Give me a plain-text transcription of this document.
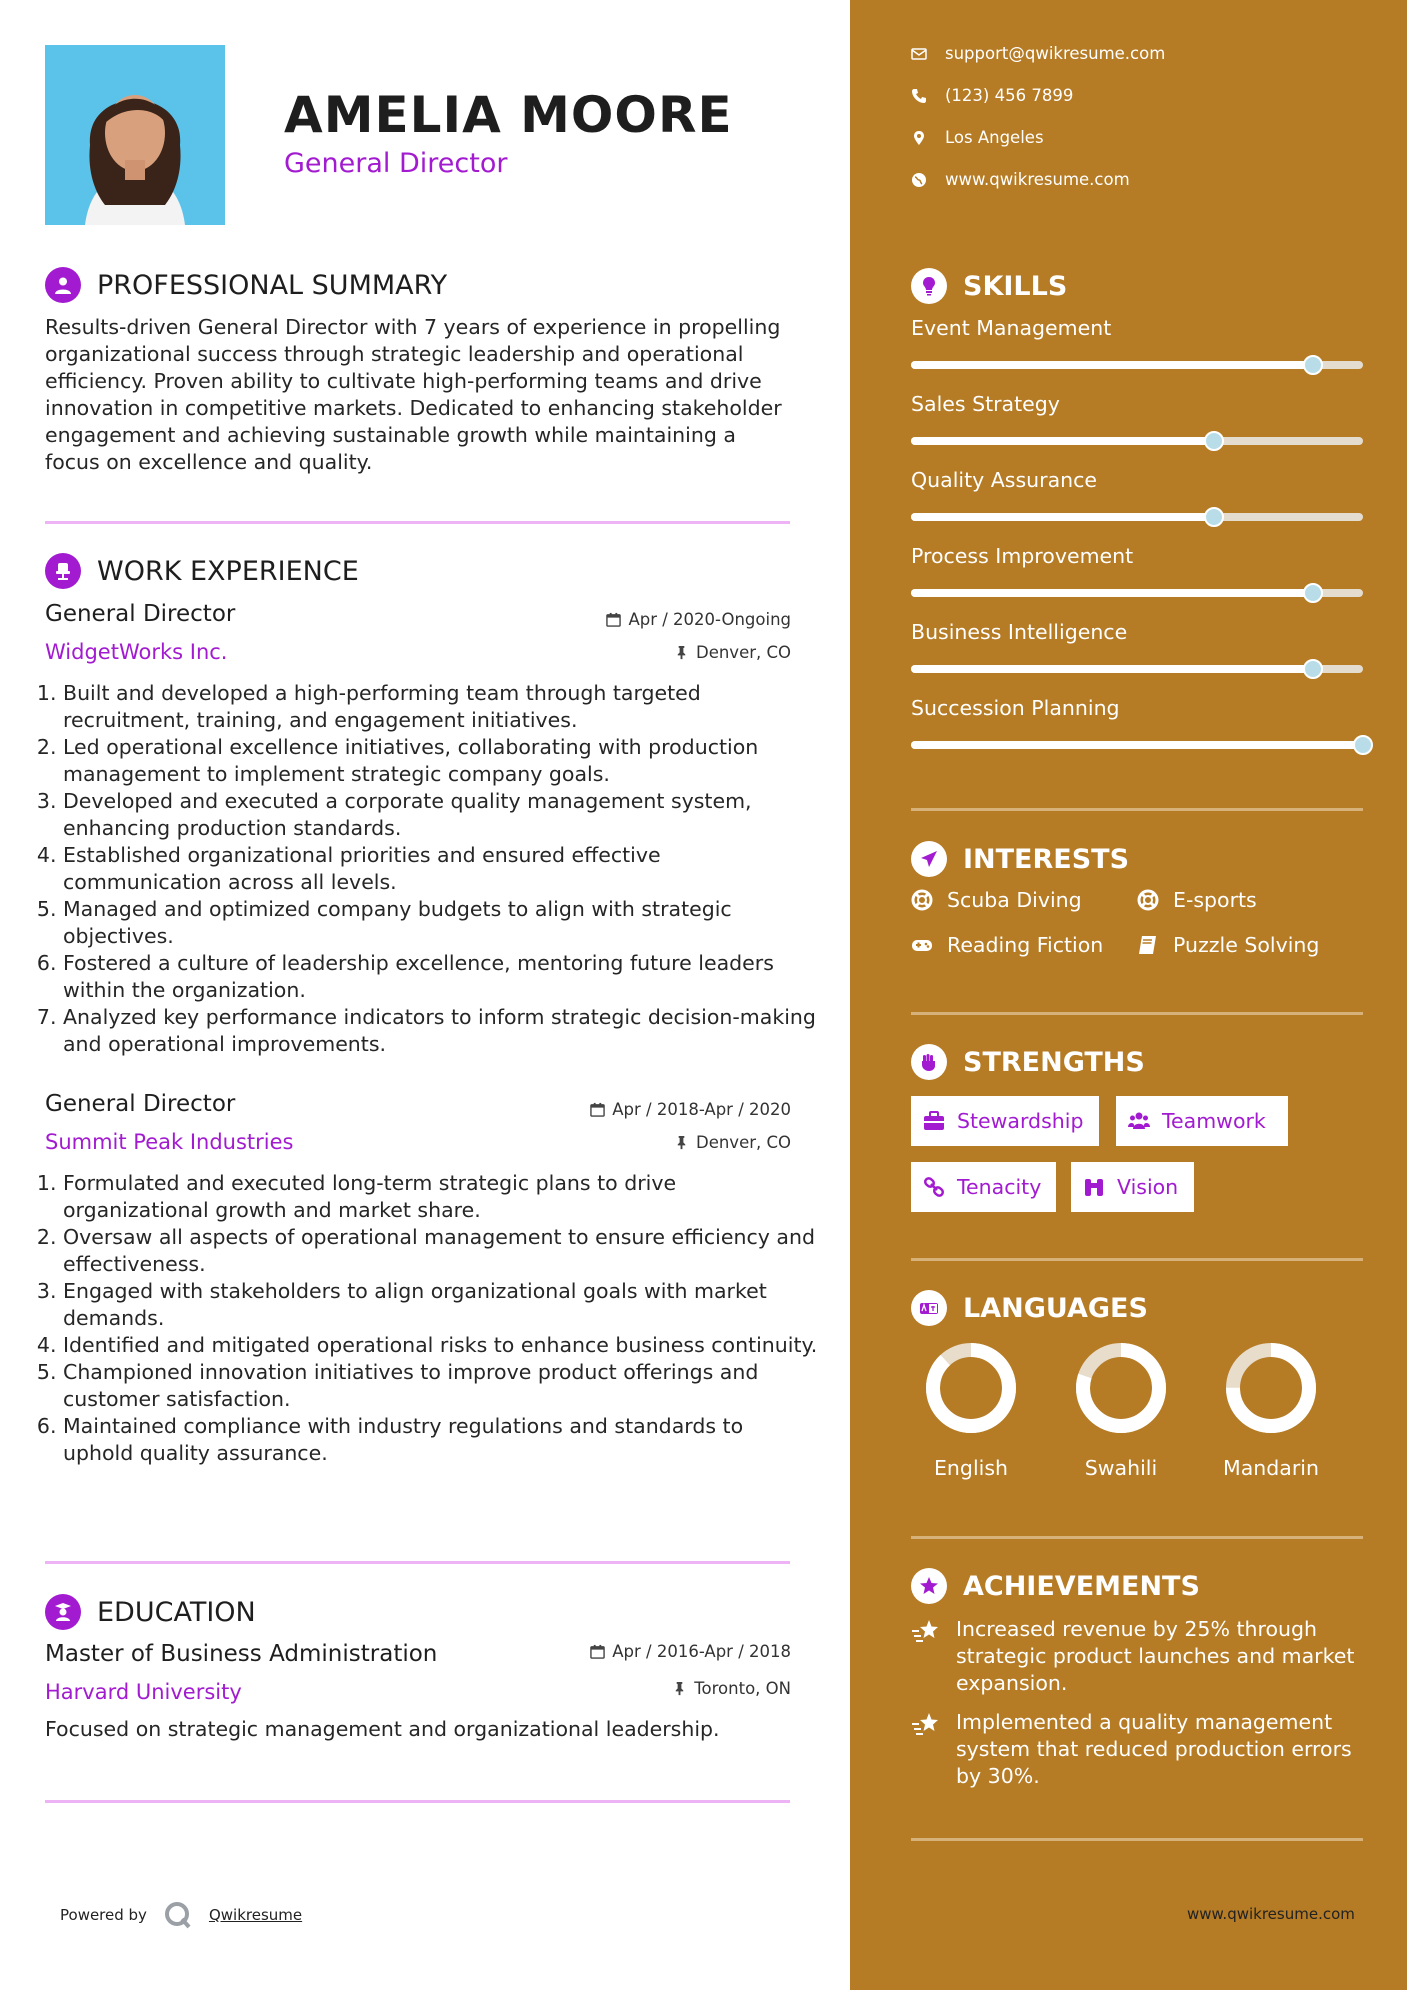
AMELIA MOORE
General Director
PROFESSIONAL SUMMARY
Results-driven General Director with 7 years of experience in propelling organizational success through strategic leadership and operational efficiency. Proven ability to cultivate high-performing teams and drive innovation in competitive markets. Dedicated to enhancing stakeholder engagement and achieving sustainable growth while maintaining a focus on excellence and quality.
WORK EXPERIENCE
General Director
WidgetWorks Inc.
Apr / 2020-Ongoing
Denver, CO
1. Built and developed a high-performing team through targeted recruitment, training, and engagement initiatives.
2. Led operational excellence initiatives, collaborating with production management to implement strategic company goals.
3. Developed and executed a corporate quality management system, enhancing production standards.
4. Established organizational priorities and ensured effective communication across all levels.
5. Managed and optimized company budgets to align with strategic objectives.
6. Fostered a culture of leadership excellence, mentoring future leaders within the organization.
7. Analyzed key performance indicators to inform strategic decision-making and operational improvements.
General Director
Summit Peak Industries
Apr / 2018-Apr / 2020
Denver, CO
1. Formulated and executed long-term strategic plans to drive organizational growth and market share.
2. Oversaw all aspects of operational management to ensure efficiency and effectiveness.
3. Engaged with stakeholders to align organizational goals with market demands.
4. Identified and mitigated operational risks to enhance business continuity.
5. Championed innovation initiatives to improve product offerings and customer satisfaction.
6. Maintained compliance with industry regulations and standards to uphold quality assurance.
EDUCATION
Master of Business Administration
Harvard University
Apr / 2016-Apr / 2018
Toronto, ON
Focused on strategic management and organizational leadership.
Powered by	Qwikresume
support@qwikresume.com
(123) 456 7899
Los Angeles
www.qwikresume.com
SKILLS
Event Management
Sales Strategy
Quality Assurance
Process Improvement
Business Intelligence
Succession Planning
INTERESTS
Scuba Diving	E-sports
Reading Fiction	Puzzle Solving
STRENGTHS
Stewardship	Teamwork
Tenacity	Vision
LANGUAGES
English	Swahili	Mandarin
ACHIEVEMENTS
Increased revenue by 25% through strategic product launches and market expansion.
Implemented a quality management system that reduced production errors by 30%.
www.qwikresume.com
